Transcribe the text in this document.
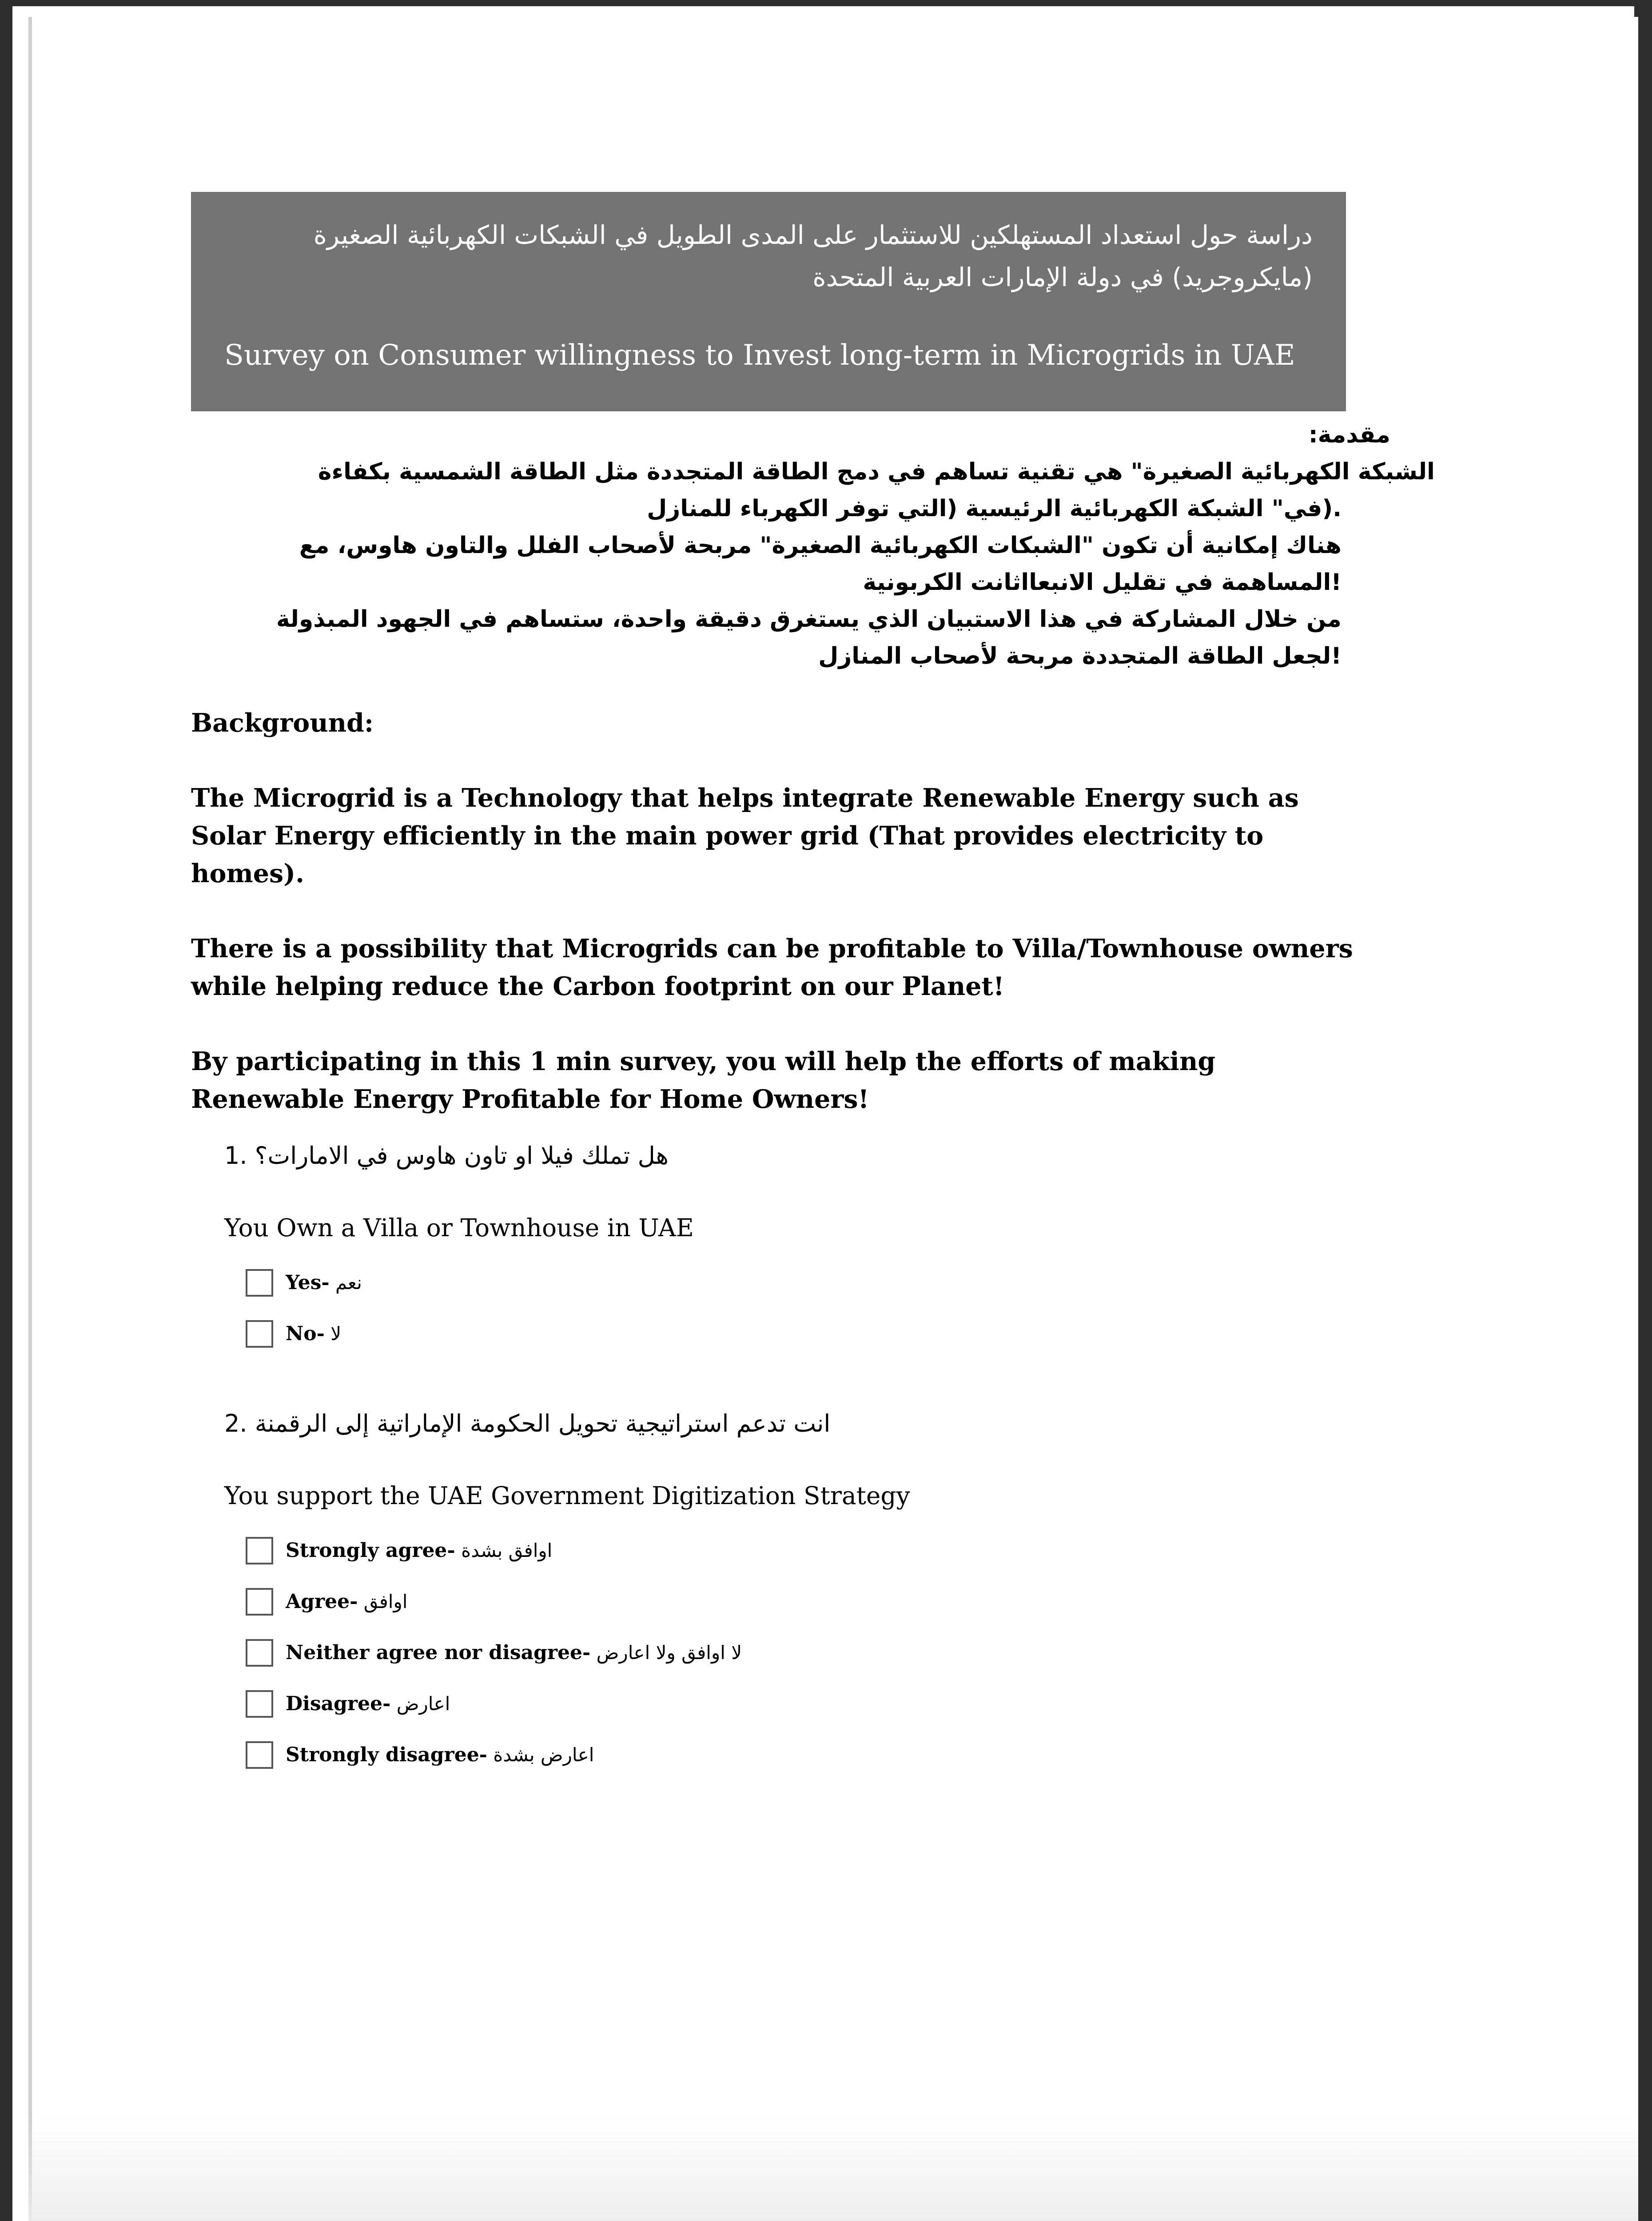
دراسة حول استعداد المستهلكين للاستثمار على المدى الطويل في الشبكات الكهربائية الصغيرة
(مايكروجريد) في دولة الإمارات العربية المتحدة
Survey on Consumer willingness to Invest long-term in Microgrids in UAE

مقدمة:

الشبكة الكهربائية الصغيرة" هي تقنية تساهم في دمج الطاقة المتجددة مثل الطاقة الشمسية بكفاءة

.(في" الشبكة الكهربائية الرئيسية (التي توفر الكهرباء للمنازل

هناك إمكانية أن تكون "الشبكات الكهربائية الصغيرة" مربحة لأصحاب الفلل والتاون هاوس، مع

!المساهمة في تقليل الانبعااثانت الكربونية

من خلال المشاركة في هذا الاستبيان الذي يستغرق دقيقة واحدة، ستساهم في الجهود المبذولة

!لجعل الطاقة المتجددة مربحة لأصحاب المنازل

Background:

The Microgrid is a Technology that helps integrate Renewable Energy such as Solar Energy efficiently in the main power grid (That provides electricity to homes).

There is a possibility that Microgrids can be profitable to Villa/Townhouse owners while helping reduce the Carbon footprint on our Planet!

By participating in this 1 min survey, you will help the efforts of making Renewable Energy Profitable for Home Owners!

1. هل تملك فيلا او تاون هاوس في الامارات؟
You Own a Villa or Townhouse in UAE
Yes- نعم
No- لا
2. انت تدعم استراتيجية تحويل الحكومة الإماراتية إلى الرقمنة
You support the UAE Government Digitization Strategy
Strongly agree- اوافق بشدة
Agree- اوافق
Neither agree nor disagree- لا اوافق ولا اعارض
Disagree- اعارض
Strongly disagree- اعارض بشدة
